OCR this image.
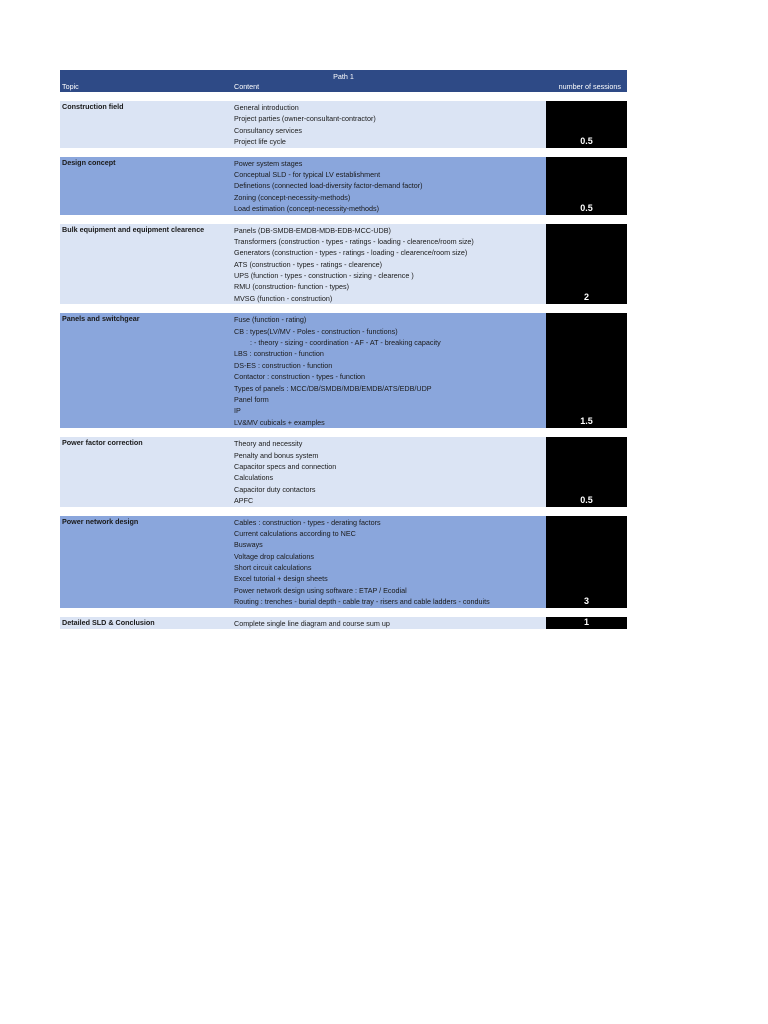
Path 1
Topic	Content	number of sessions
Construction field	General introduction
Project parties (owner-consultant-contractor)
Consultancy services
Project life cycle	0.5
Design concept	Power system stages
Conceptual SLD - for typical LV establishment
Definetions (connected load-diversity factor-demand factor)
Zoning (concept-necessity-methods)
Load estimation (concept-necessity-methods)	0.5
Bulk equipment and equipment clearence	Panels (DB-SMDB-EMDB-MDB-EDB-MCC-UDB)
Transformers (construction - types - ratings - loading - clearence/room size)
Generators (construction - types - ratings - loading - clearence/room size)
ATS (construction - types - ratings - clearence)
UPS (function - types - construction - sizing - clearence )
RMU (construction- function - types)
MVSG (function - construction)	2
Panels and switchgear	Fuse (function - rating)
CB : types(LV/MV - Poles - construction - functions)
: - theory - sizing - coordination - AF - AT - breaking capacity
LBS : construction - function
DS-ES : construction - function
Contactor : construction - types - function
Types of panels : MCC/DB/SMDB/MDB/EMDB/ATS/EDB/UDP
Panel form
IP
LV&MV cubicals + examples	1.5
Power factor correction	Theory and necessity
Penalty and bonus system
Capacitor specs and connection
Calculations
Capacitor duty contactors
APFC	0.5
Power network design	Cables : construction - types - derating factors
Current calculations according to NEC
Busways
Voltage drop calculations
Short circuit calculations
Excel tutorial + design sheets
Power network design using software : ETAP / Ecodial
Routing : trenches - burial depth - cable tray - risers and cable ladders - conduits	3
Detailed SLD & Conclusion	Complete single line diagram and course sum up	1
